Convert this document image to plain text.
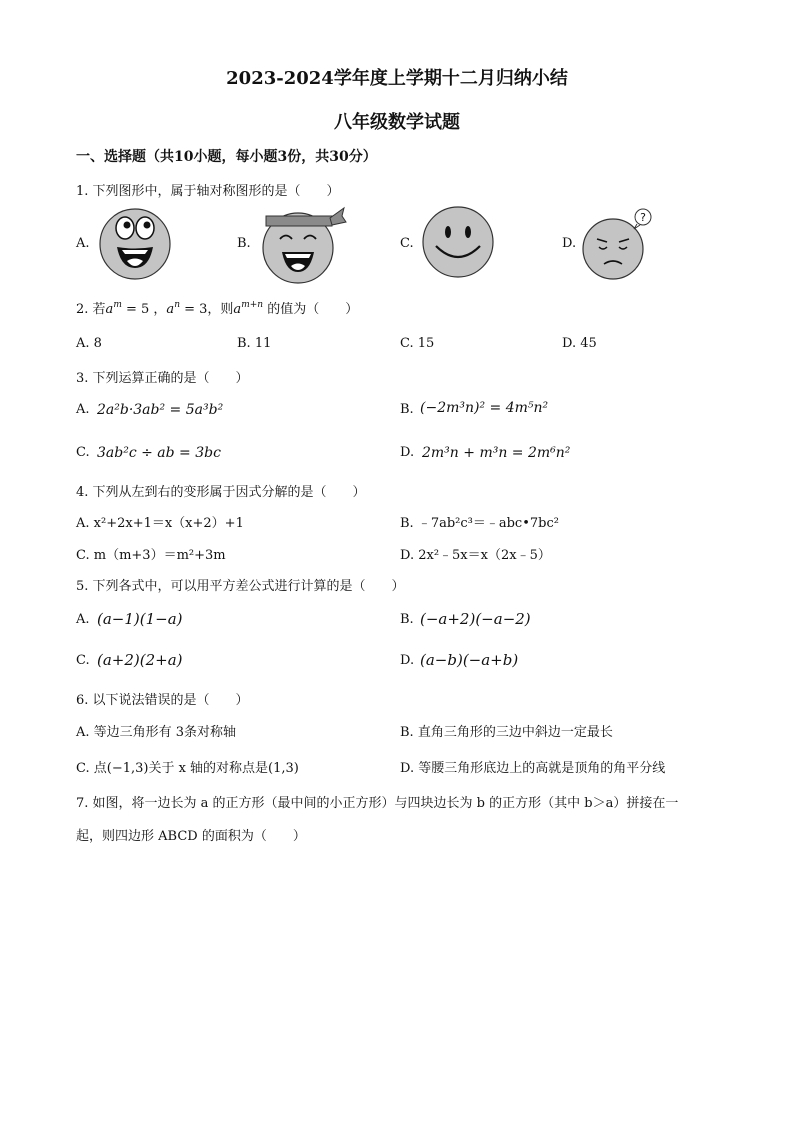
2023-2024学年度上学期十二月归纳小结
八年级数学试题
一、选择题（共10小题，每小题3份，共30分）
1. 下列图形中，属于轴对称图形的是（　　）
A.	B.	C.	D.
?
2. 若$a^m = 5$ ，$a^n = 3$，则$a^{m+n}$ 的值为（　　）
A. 8	B. 11	C. 15	D. 45
3. 下列运算正确的是（　　）
A. 2a²b·3ab² = 5a³b²	B. (−2m³n)² = 4m⁵n²
C. 3ab²c ÷ ab = 3bc	D. 2m³n + m³n = 2m⁶n²
4. 下列从左到右的变形属于因式分解的是（　　）
A. x²+2x+1＝x（x+2）+1	B. ﹣7ab²c³＝﹣abc•7bc²
C. m（m+3）＝m²+3m	D. 2x²﹣5x＝x（2x﹣5）
5. 下列各式中，可以用平方差公式进行计算的是（　　）
A. (a−1)(1−a)	B. (−a+2)(−a−2)
C. (a+2)(2+a)	D. (a−b)(−a+b)
6. 以下说法错误的是（　　）
A. 等边三角形有 3条对称轴	B. 直角三角形的三边中斜边一定最长
C. 点(−1,3)关于 x 轴的对称点是(1,3)	D. 等腰三角形底边上的高就是顶角的角平分线
7. 如图，将一边长为 a 的正方形（最中间的小正方形）与四块边长为 b 的正方形（其中 b＞a）拼接在一
起，则四边形 ABCD 的面积为（　　）
